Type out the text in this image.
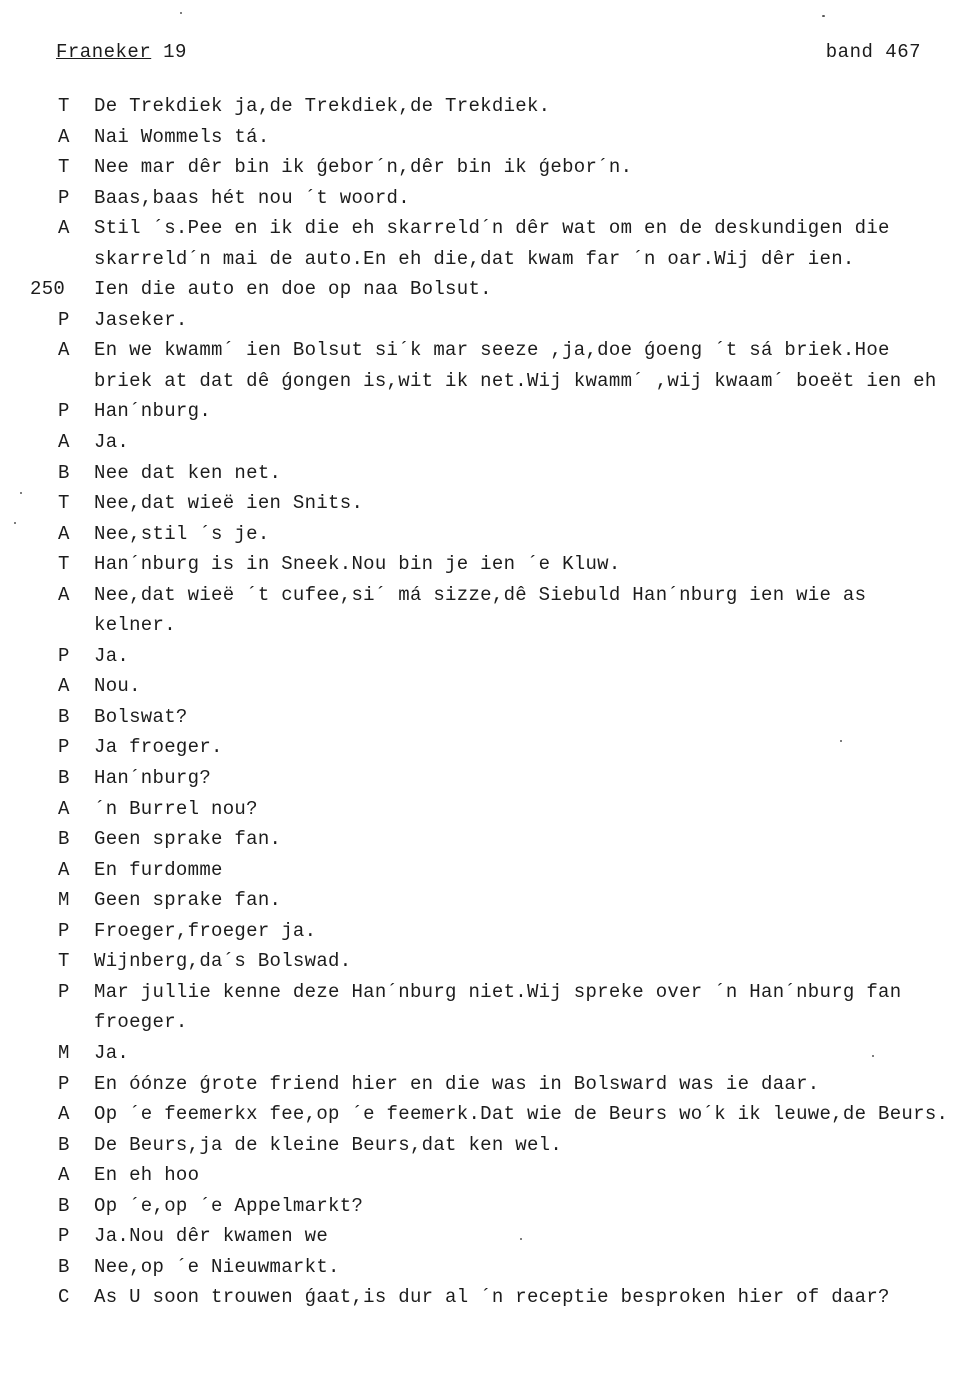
Franeker 19	band 467
T	De Trekdiek ja,de Trekdiek,de Trekdiek.
A	Nai Wommels tá.
T	Nee mar dêr bin ik ǵebor´n,dêr bin ik ǵebor´n.
P	Baas,baas hét nou ´t woord.
A	Stil ´s.Pee en ik die eh skarreld´n dêr wat om en de deskundigen die skarreld´n mai de auto.En eh die,dat kwam far ´n oar.Wij dêr ien.
250 Ien die auto en doe op naa Bolsut.
P	Jaseker.
A	En we kwamm´ ien Bolsut si´k mar seeze ,ja,doe ǵoeng ´t sá briek.Hoe briek at dat dê ǵongen is,wit ik net.Wij kwamm´ ,wij kwaam´ boeët ien eh
P	Han´nburg.
A	Ja.
B	Nee dat ken net.
T	Nee,dat wieë ien Snits.
A	Nee,stil ´s je.
T	Han´nburg is in Sneek.Nou bin je ien ´e Kluw.
A	Nee,dat wieë ´t cufee,si´ má sizze,dê Siebuld Han´nburg ien wie as kelner.
P	Ja.
A	Nou.
B	Bolswat?
P	Ja froeger.
B	Han´nburg?
A	´n Burrel nou?
B	Geen sprake fan.
A	En furdomme
M	Geen sprake fan.
P	Froeger,froeger ja.
T	Wijnberg,da´s Bolswad.
P	Mar jullie kenne deze Han´nburg niet.Wij spreke over ´n Han´nburg fan froeger.
M	Ja.
P	En óónze ǵrote friend hier en die was in Bolsward was ie daar.
A	Op ´e feemerkx fee,op ´e feemerk.Dat wie de Beurs wo´k ik leuwe,de Beurs.
B	De Beurs,ja de kleine Beurs,dat ken wel.
A	En eh hoo
B	Op ´e,op ´e Appelmarkt?
P	Ja.Nou dêr kwamen we
B	Nee,op ´e Nieuwmarkt.
C	As U soon trouwen ǵaat,is dur al ´n receptie besproken hier of daar?
